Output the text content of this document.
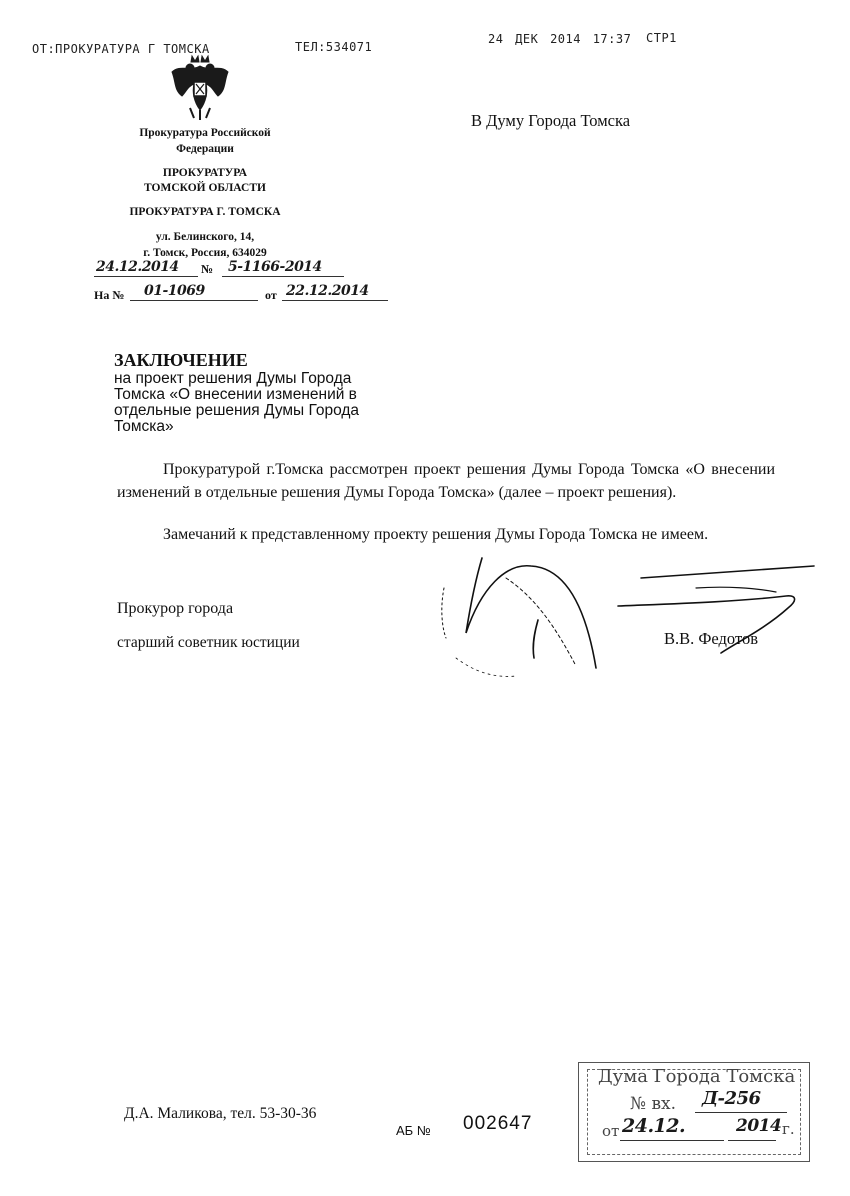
ОТ:ПРОКУРАТУРА Г ТОМСКА	ТЕЛ:534071
24 ДЕК 2014 17:37 СТР1
Прокуратура Российской
Федерации
ПРОКУРАТУРА
ТОМСКОЙ ОБЛАСТИ
ПРОКУРАТУРА Г. ТОМСКА
ул. Белинского, 14,
г. Томск, Россия, 634029
24.12.2014 № 5-1166-2014
На № 01-1069	от 22.12.2014
В Думу Города Томска
ЗАКЛЮЧЕНИЕ
на проект решения Думы Города
Томска «О внесении изменений в
отдельные решения Думы Города
Томска»
Прокуратурой г.Томска рассмотрен проект решения Думы Города Томска «О внесении изменений в отдельные решения Думы Города Томска» (далее – проект решения).
Замечаний к представленному проекту решения Думы Города Томска не имеем.
Прокурор города
старший советник юстиции	В.В. Федотов
Д.А. Маликова, тел. 53-30-36
АБ № 002647
Дума Города Томска
№ вх. Д-256
от 24.12.	2014 г.
